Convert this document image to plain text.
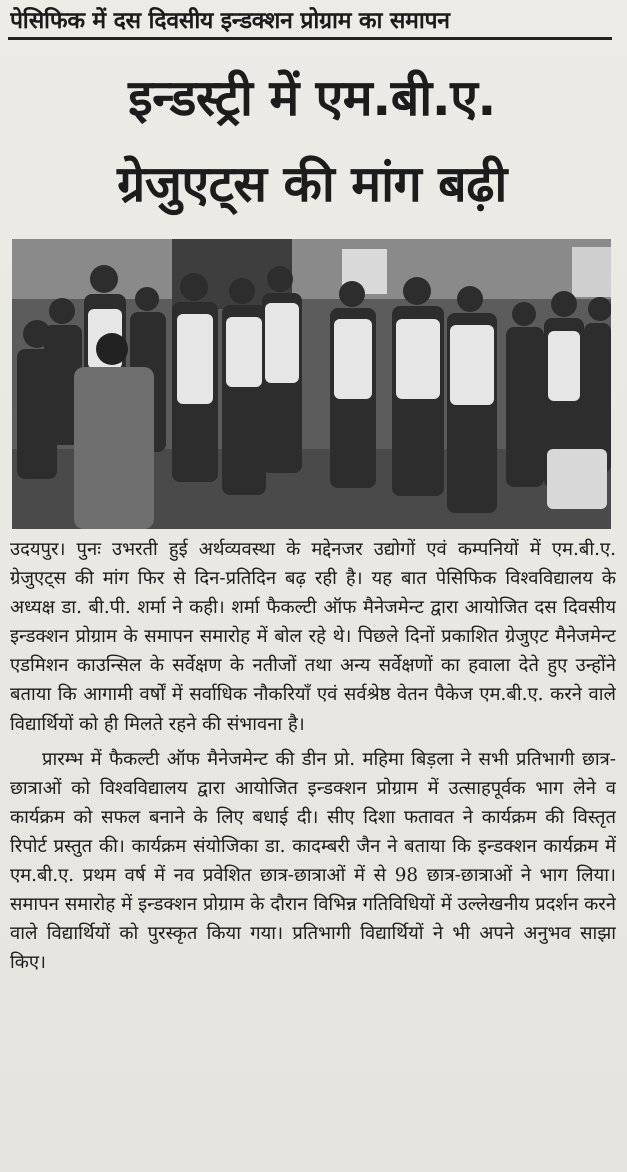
पेसिफिक में दस दिवसीय इन्डक्शन प्रोग्राम का समापन
इन्डस्ट्री में एम.बी.ए.
ग्रेजुएट्स की मांग बढ़ी

उदयपुर। पुनः उभरती हुई अर्थव्यवस्था के मद्देनजर उद्योगों एवं कम्पनियों में एम.बी.ए. ग्रेजुएट्स की मांग फिर से दिन-प्रतिदिन बढ़ रही है। यह बात पेसिफिक विश्वविद्यालय के अध्यक्ष डा. बी.पी. शर्मा ने कही। शर्मा फैकल्टी ऑफ मैनेजमेन्ट द्वारा आयोजित दस दिवसीय इन्डक्शन प्रोग्राम के समापन समारोह में बोल रहे थे। पिछले दिनों प्रकाशित ग्रेजुएट मैनेजमेन्ट एडमिशन काउन्सिल के सर्वेक्षण के नतीजों तथा अन्य सर्वेक्षणों का हवाला देते हुए उन्होंने बताया कि आगामी वर्षों में सर्वाधिक नौकरियाँ एवं सर्वश्रेष्ठ वेतन पैकेज एम.बी.ए. करने वाले विद्यार्थियों को ही मिलते रहने की संभावना है।

प्रारम्भ में फैकल्टी ऑफ मैनेजमेन्ट की डीन प्रो. महिमा बिड़ला ने सभी प्रतिभागी छात्र-छात्राओं को विश्वविद्यालय द्वारा आयोजित इन्डक्शन प्रोग्राम में उत्साहपूर्वक भाग लेने व कार्यक्रम को सफल बनाने के लिए बधाई दी। सीए दिशा फतावत ने कार्यक्रम की विस्तृत रिपोर्ट प्रस्तुत की। कार्यक्रम संयोजिका डा. कादम्बरी जैन ने बताया कि इन्डक्शन कार्यक्रम में एम.बी.ए. प्रथम वर्ष में नव प्रवेशित छात्र-छात्राओं में से 98 छात्र-छात्राओं ने भाग लिया। समापन समारोह में इन्डक्शन प्रोग्राम के दौरान विभिन्न गतिविधियों में उल्लेखनीय प्रदर्शन करने वाले विद्यार्थियों को पुरस्कृत किया गया। प्रतिभागी विद्यार्थियों ने भी अपने अनुभव साझा किए।
